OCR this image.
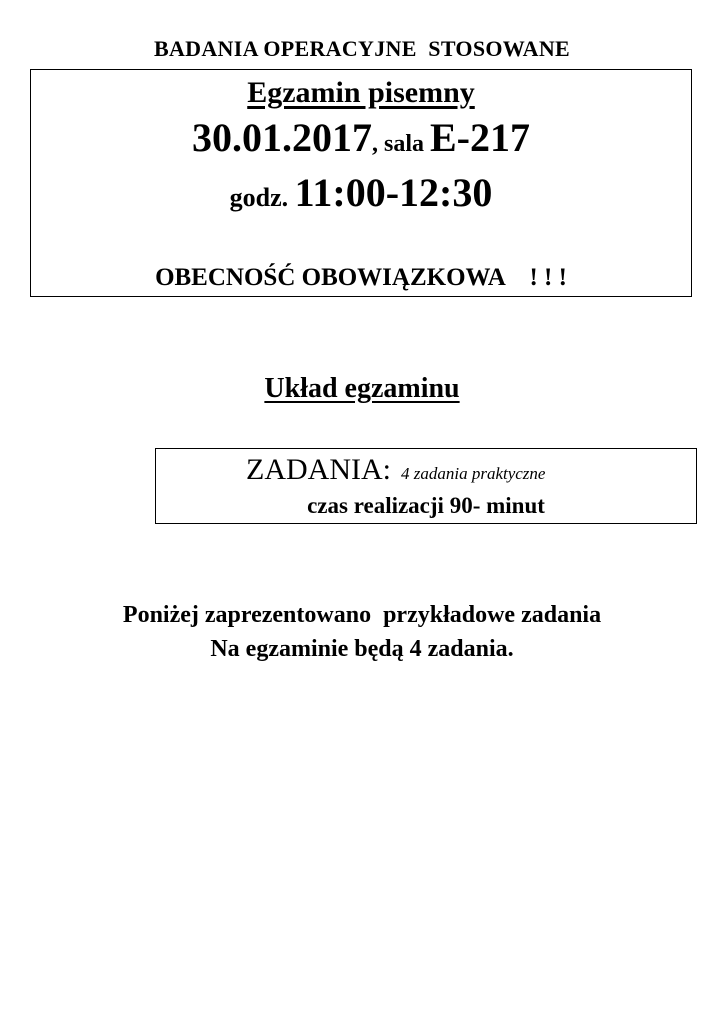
BADANIA OPERACYJNE  STOSOWANE
Egzamin pisemny
30.01.2017, sala E-217
godz. 11:00-12:30
OBECNOŚĆ OBOWIĄZKOWA    ! ! !
Układ egzaminu
ZADANIA: 4 zadania praktyczne
czas realizacji 90- minut
Poniżej zaprezentowano  przykładowe zadania
Na egzaminie będą 4 zadania.
